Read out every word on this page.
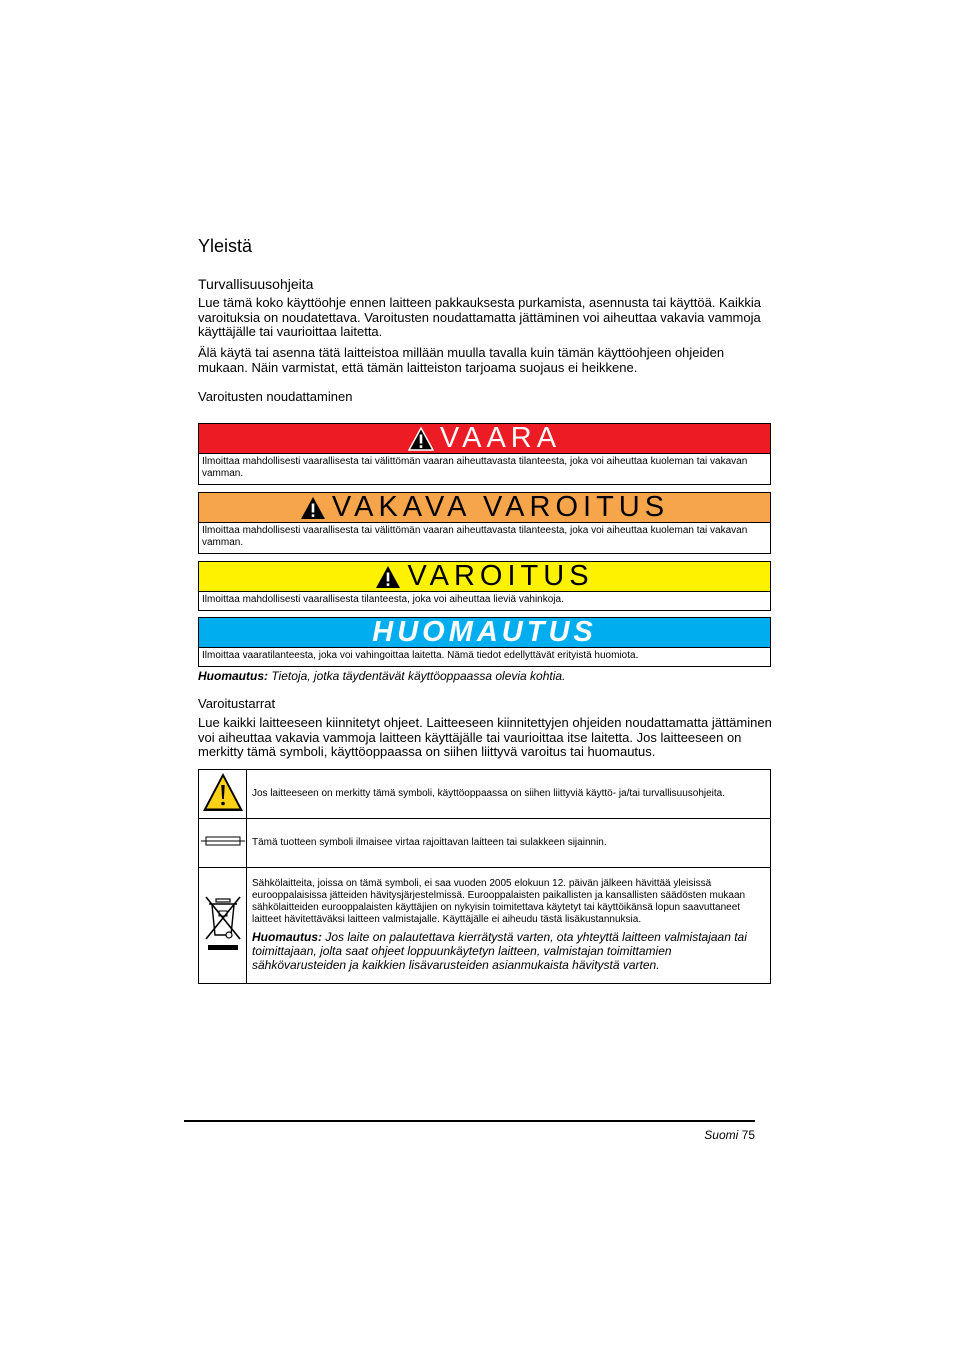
Yleistä
Turvallisuusohjeita

Lue tämä koko käyttöohje ennen laitteen pakkauksesta purkamista, asennusta tai käyttöä. Kaikkia varoituksia on noudatettava. Varoitusten noudattamatta jättäminen voi aiheuttaa vakavia vammoja käyttäjälle tai vaurioittaa laitetta.

Älä käytä tai asenna tätä laitteistoa millään muulla tavalla kuin tämän käyttöohjeen ohjeiden mukaan. Näin varmistat, että tämän laitteiston tarjoama suojaus ei heikkene.

Varoitusten noudattaminen
VAARA
Ilmoittaa mahdollisesti vaarallisesta tai välittömän vaaran aiheuttavasta tilanteesta, joka voi aiheuttaa kuoleman tai vakavan vamman.
VAKAVA VAROITUS
Ilmoittaa mahdollisesti vaarallisesta tai välittömän vaaran aiheuttavasta tilanteesta, joka voi aiheuttaa kuoleman tai vakavan vamman.
VAROITUS
Ilmoittaa mahdollisesti vaarallisesta tilanteesta, joka voi aiheuttaa lieviä vahinkoja.
HUOMAUTUS
Ilmoittaa vaaratilanteesta, joka voi vahingoittaa laitetta. Nämä tiedot edellyttävät erityistä huomiota.

Huomautus: Tietoja, jotka täydentävät käyttöoppaassa olevia kohtia.

Varoitustarrat

Lue kaikki laitteeseen kiinnitetyt ohjeet. Laitteeseen kiinnitettyjen ohjeiden noudattamatta jättäminen voi aiheuttaa vakavia vammoja laitteen käyttäjälle tai vaurioittaa itse laitetta. Jos laitteeseen on merkitty tämä symboli, käyttöoppaassa on siihen liittyvä varoitus tai huomautus.

	Jos laitteeseen on merkitty tämä symboli, käyttöoppaassa on siihen liittyviä käyttö- ja/tai turvallisuusohjeita.
	Tämä tuotteen symboli ilmaisee virtaa rajoittavan laitteen tai sulakkeen sijainnin.

Sähkölaitteita, joissa on tämä symboli, ei saa vuoden 2005 elokuun 12. päivän jälkeen hävittää yleisissä eurooppalaisissa jätteiden hävitysjärjestelmissä. Eurooppalaisten paikallisten ja kansallisten säädösten mukaan sähkölaitteiden eurooppalaisten käyttäjien on nykyisin toimitettava käytetyt tai käyttöikänsä lopun saavuttaneet laitteet hävitettäväksi laitteen valmistajalle. Käyttäjälle ei aiheudu tästä lisäkustannuksia.
Huomautus: Jos laite on palautettava kierrätystä varten, ota yhteyttä laitteen valmistajaan tai toimittajaan, jolta saat ohjeet loppuunkäytetyn laitteen, valmistajan toimittamien sähkövarusteiden ja kaikkien lisävarusteiden asianmukaista hävitystä varten.
Suomi 75
